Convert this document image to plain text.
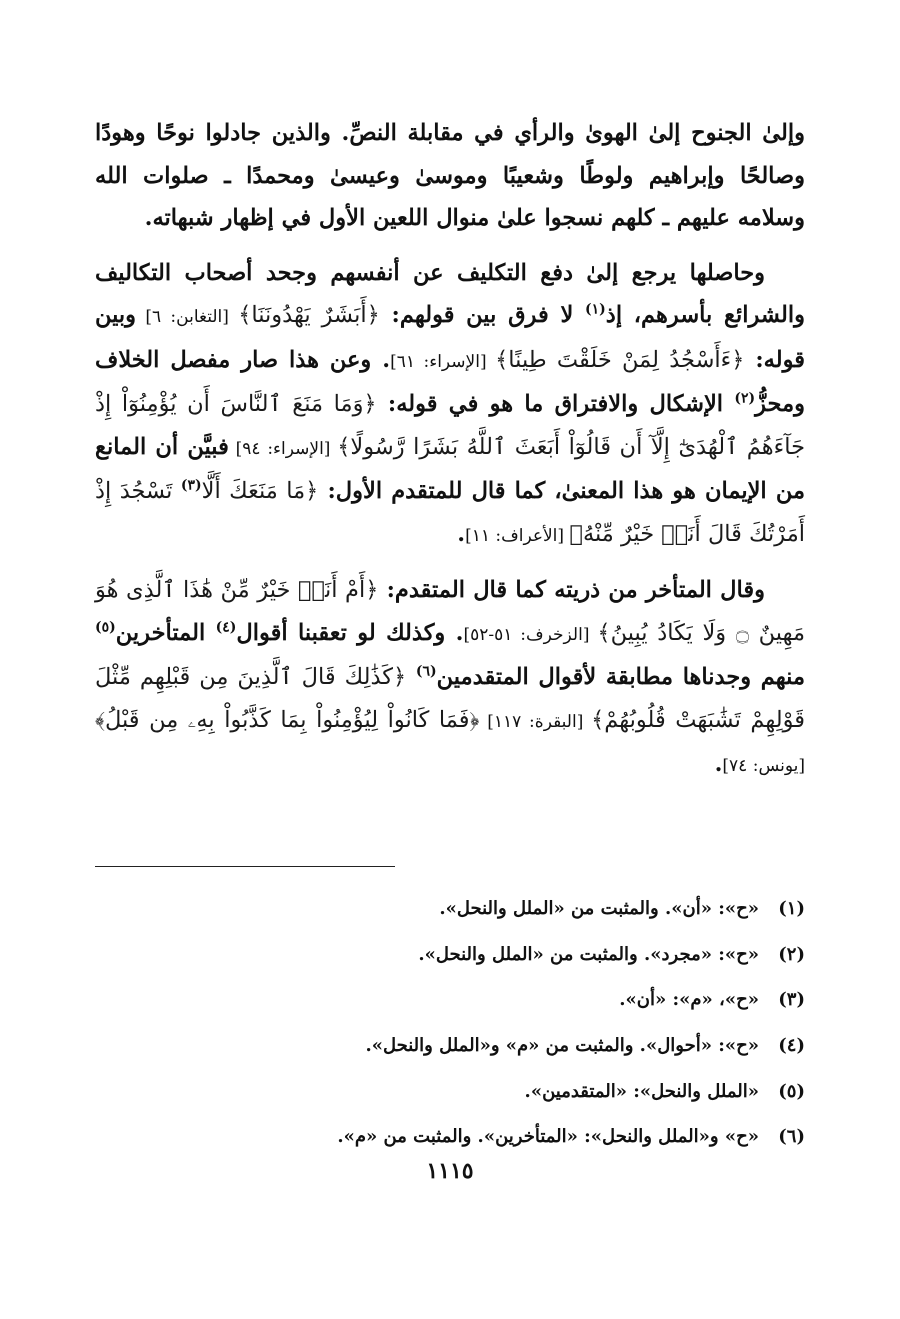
وإلىٰ الجنوح إلىٰ الهوىٰ والرأي في مقابلة النصِّ. والذين جادلوا نوحًا وهودًا وصالحًا وإبراهيم ولوطًا وشعيبًا وموسىٰ وعيسىٰ ومحمدًا ـ صلوات الله وسلامه عليهم ـ كلهم نسجوا علىٰ منوال اللعين الأول في إظهار شبهاته.

وحاصلها يرجع إلىٰ دفع التكليف عن أنفسهم وجحد أصحاب التكاليف والشرائع بأسرهم، إذ$^{(١)}$ لا فرق بين قولهم: ﴿أَبَشَرٌ يَهْدُونَنَا﴾ [التغابن: ٦] وبين قوله: ﴿ءَأَسْجُدُ لِمَنْ خَلَقْتَ طِينًا﴾ [الإسراء: ٦١]. وعن هذا صار مفصل الخلاف ومحزُّ$^{(٢)}$ الإشكال والافتراق ما هو في قوله: ﴿وَمَا مَنَعَ ٱلنَّاسَ أَن يُؤْمِنُوٓاْ إِذْ جَآءَهُمُ ٱلْهُدَىٰٓ إِلَّآ أَن قَالُوٓاْ أَبَعَثَ ٱللَّهُ بَشَرًا رَّسُولًا﴾ [الإسراء: ٩٤] فبيَّن أن المانع من الإيمان هو هذا المعنىٰ، كما قال للمتقدم الأول: ﴿مَا مَنَعَكَ أَلَّا$^{(٣)}$ تَسْجُدَ إِذْ أَمَرْتُكَ قَالَ أَنَا۠ خَيْرٌ مِّنْهُ﴾ [الأعراف: ١١].

وقال المتأخر من ذريته كما قال المتقدم: ﴿أَمْ أَنَا۠ خَيْرٌ مِّنْ هَٰذَا ٱلَّذِى هُوَ مَهِينٌ ۝ وَلَا يَكَادُ يُبِينُ﴾ [الزخرف: ٥١-٥٢]. وكذلك لو تعقبنا أقوال$^{(٤)}$ المتأخرين$^{(٥)}$ منهم وجدناها مطابقة لأقوال المتقدمين$^{(٦)}$ ﴿كَذَٰلِكَ قَالَ ٱلَّذِينَ مِن قَبْلِهِم مِّثْلَ قَوْلِهِمْ تَشَٰبَهَتْ قُلُوبُهُمْ﴾ [البقرة: ١١٧] ﴿فَمَا كَانُواْ لِيُؤْمِنُواْ بِمَا كَذَّبُواْ بِهِۦ مِن قَبْلُ﴾ [يونس: ٧٤].

(١)
«ح»: «أن». والمثبت من «الملل والنحل».
(٢)
«ح»: «مجرد». والمثبت من «الملل والنحل».
(٣)
«ح»، «م»: «أن».
(٤)
«ح»: «أحوال». والمثبت من «م» و«الملل والنحل».
(٥)
«الملل والنحل»: «المتقدمين».
(٦)
«ح» و«الملل والنحل»: «المتأخرين». والمثبت من «م».
١١١٥
